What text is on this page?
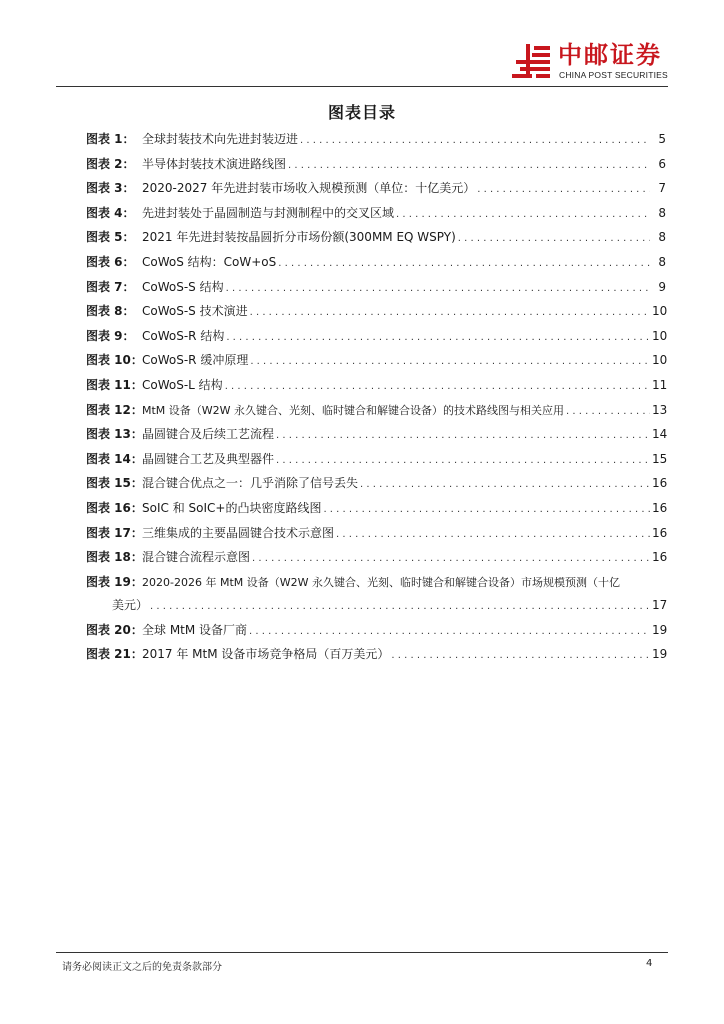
中邮证券
CHINA POST SECURITIES
图表目录
图表 1： 全球封装技术向先进封装迈进 . . .	5
图表 2： 半导体封装技术演进路线图 . . .	6
图表 3： 2020-2027 年先进封装市场收入规模预测（单位：十亿美元） . . .	7
图表 4： 先进封装处于晶圆制造与封测制程中的交叉区域 . . .	8
图表 5： 2021 年先进封装按晶圆折分市场份额(300MM EQ WSPY) . . .	8
图表 6： CoWoS 结构：CoW+oS . . .	8
图表 7： CoWoS-S 结构 . . .	9
图表 8： CoWoS-S 技术演进 . . .	10
图表 9： CoWoS-R 结构 . . .	10
图表 10： CoWoS-R 缓冲原理 . . .	10
图表 11： CoWoS-L 结构 . . .	11
图表 12： MtM 设备（W2W 永久键合、光刻、临时键合和解键合设备）的技术路线图与相关应用 . . .	13
图表 13： 晶圆键合及后续工艺流程 . . .	14
图表 14： 晶圆键合工艺及典型器件 . . .	15
图表 15： 混合键合优点之一：几乎消除了信号丢失 . . .	16
图表 16： SoIC 和 SoIC+的凸块密度路线图 . . .	16
图表 17： 三维集成的主要晶圆键合技术示意图 . . .	16
图表 18： 混合键合流程示意图 . . .	16
图表 19： 2020-2026 年 MtM 设备（W2W 永久键合、光刻、临时键合和解键合设备）市场规模预测（十亿
美元） . . .	17
图表 20： 全球 MtM 设备厂商 . . .	19
图表 21： 2017 年 MtM 设备市场竞争格局（百万美元） . . .	19
请务必阅读正文之后的免责条款部分	4
